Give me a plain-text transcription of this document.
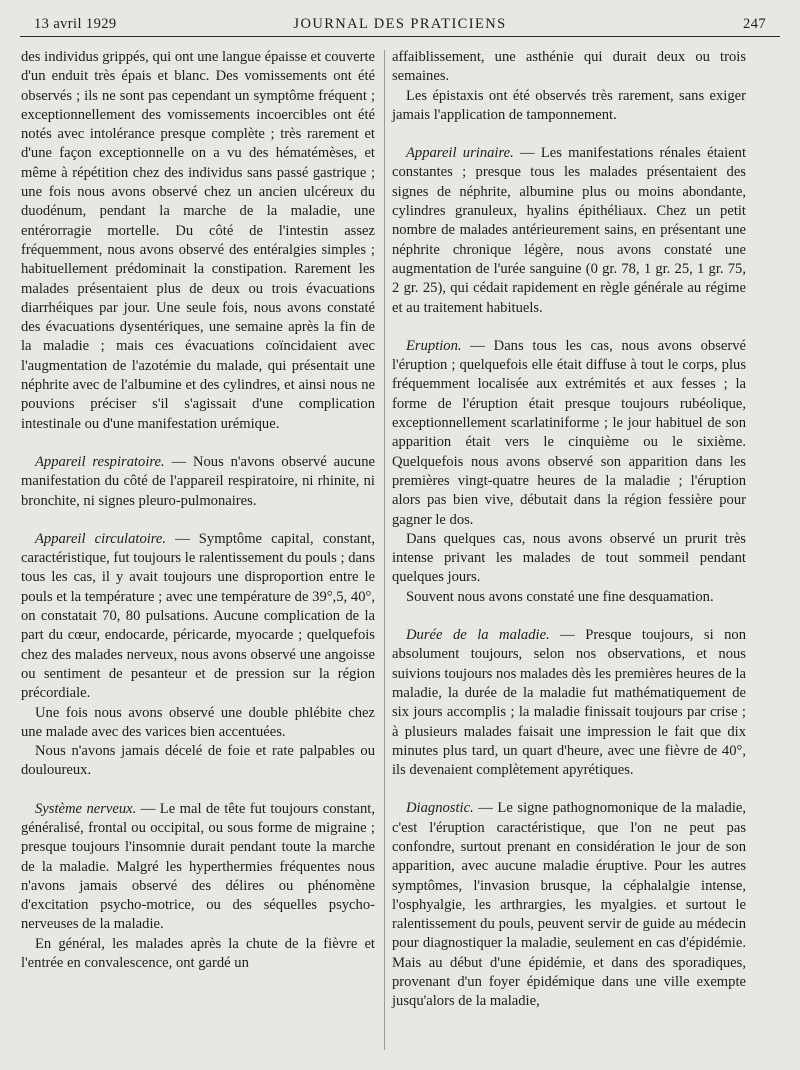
13 avril 1929	JOURNAL DES PRATICIENS	247

des individus grippés, qui ont une langue épaisse et couverte d'un enduit très épais et blanc. Des vomissements ont été observés ; ils ne sont pas cependant un symptôme fréquent ; exceptionnellement des vomissements incoercibles ont été notés avec intolérance presque complète ; très rarement et d'une façon exceptionnelle on a vu des hématémèses, et même à répétition chez des individus sans passé gastrique ; une fois nous avons observé chez un ancien ulcéreux du duodénum, pendant la marche de la maladie, une entérorragie mortelle. Du côté de l'intestin assez fréquemment, nous avons observé des entéralgies simples ; habituellement prédominait la constipation. Rarement les malades présentaient plus de deux ou trois évacuations diarrhéiques par jour. Une seule fois, nous avons constaté des évacuations dysentériques, une semaine après la fin de la maladie ; mais ces évacuations coïncidaient avec l'augmentation de l'azotémie du malade, qui présentait une néphrite avec de l'albumine et des cylindres, et ainsi nous ne pouvions préciser s'il s'agissait d'une complication intestinale ou d'une manifestation urémique.

Appareil respiratoire. — Nous n'avons observé aucune manifestation du côté de l'appareil respiratoire, ni rhinite, ni bronchite, ni signes pleuro-pulmonaires.

Appareil circulatoire. — Symptôme capital, constant, caractéristique, fut toujours le ralentissement du pouls ; dans tous les cas, il y avait toujours une disproportion entre le pouls et la température ; avec une température de 39°,5, 40°, on constatait 70, 80 pulsations. Aucune complication de la part du cœur, endocarde, péricarde, myocarde ; quelquefois chez des malades nerveux, nous avons observé une angoisse ou sentiment de pesanteur et de pression sur la région précordiale.

Une fois nous avons observé une double phlébite chez une malade avec des varices bien accentuées.

Nous n'avons jamais décelé de foie et rate palpables ou douloureux.

Système nerveux. — Le mal de tête fut toujours constant, généralisé, frontal ou occipital, ou sous forme de migraine ; presque toujours l'insomnie durait pendant toute la marche de la maladie. Malgré les hyperthermies fréquentes nous n'avons jamais observé des délires ou phénomène d'excitation psycho-motrice, ou des séquelles psycho-nerveuses de la maladie.

En général, les malades après la chute de la fièvre et l'entrée en convalescence, ont gardé un

affaiblissement, une asthénie qui durait deux ou trois semaines.

Les épistaxis ont été observés très rarement, sans exiger jamais l'application de tamponnement.

Appareil urinaire. — Les manifestations rénales étaient constantes ; presque tous les malades présentaient des signes de néphrite, albumine plus ou moins abondante, cylindres granuleux, hyalins épithéliaux. Chez un petit nombre de malades antérieurement sains, en présentant une néphrite chronique légère, nous avons constaté une augmentation de l'urée sanguine (0 gr. 78, 1 gr. 25, 1 gr. 75, 2 gr. 25), qui cédait rapidement en règle générale au régime et au traitement habituels.

Eruption. — Dans tous les cas, nous avons observé l'éruption ; quelquefois elle était diffuse à tout le corps, plus fréquemment localisée aux extrémités et aux fesses ; la forme de l'éruption était presque toujours rubéolique, exceptionnellement scarlatiniforme ; le jour habituel de son apparition était vers le cinquième ou le sixième. Quelquefois nous avons observé son apparition dans les premières vingt-quatre heures de la maladie ; l'éruption alors pas bien vive, débutait dans la région fessière pour gagner le dos.

Dans quelques cas, nous avons observé un prurit très intense privant les malades de tout sommeil pendant quelques jours.

Souvent nous avons constaté une fine desquamation.

Durée de la maladie. — Presque toujours, si non absolument toujours, selon nos observations, et nous suivions toujours nos malades dès les premières heures de la maladie, la durée de la maladie fut mathématiquement de six jours accomplis ; la maladie finissait toujours par crise ; à plusieurs malades faisait une impression le fait que dix minutes plus tard, un quart d'heure, avec une fièvre de 40°, ils devenaient complètement apyrétiques.

Diagnostic. — Le signe pathognomonique de la maladie, c'est l'éruption caractéristique, que l'on ne peut pas confondre, surtout prenant en considération le jour de son apparition, avec aucune maladie éruptive. Pour les autres symptômes, l'invasion brusque, la céphalalgie intense, l'osphyalgie, les arthrargies, les myalgies. et surtout le ralentissement du pouls, peuvent servir de guide au médecin pour diagnostiquer la maladie, seulement en cas d'épidémie. Mais au début d'une épidémie, et dans des sporadiques, provenant d'un foyer épidémique dans une ville exempte jusqu'alors de la maladie,
